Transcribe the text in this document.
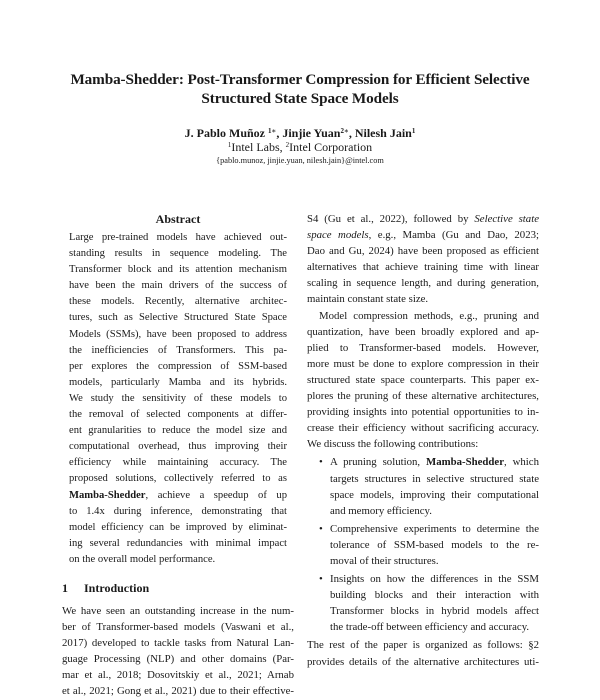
Mamba-Shedder: Post-Transformer Compression for Efficient Selective
Structured State Space Models
J. Pablo Muñoz $^{1∗}$, Jinjie Yuan$^{2∗}$, Nilesh Jain$^1$
$^1$Intel Labs, $^2$Intel Corporation
{pablo.munoz, jinjie.yuan, nilesh.jain}@intel.com
Abstract
Large pre-trained models have achieved out-
standing results in sequence modeling. The
Transformer block and its attention mechanism
have been the main drivers of the success of
these models. Recently, alternative architec-
tures, such as Selective Structured State Space
Models (SSMs), have been proposed to address
the inefficiencies of Transformers. This pa-
per explores the compression of SSM-based
models, particularly Mamba and its hybrids.
We study the sensitivity of these models to
the removal of selected components at differ-
ent granularities to reduce the model size and
computational overhead, thus improving their
efficiency while maintaining accuracy. The
proposed solutions, collectively referred to as
Mamba-Shedder, achieve a speedup of up
to 1.4x during inference, demonstrating that
model efficiency can be improved by eliminat-
ing several redundancies with minimal impact
on the overall model performance.
1 Introduction
We have seen an outstanding increase in the num-
ber of Transformer-based models (Vaswani et al.,
2017) developed to tackle tasks from Natural Lan-
guage Processing (NLP) and other domains (Par-
mar et al., 2018; Dosovitskiy et al., 2021; Arnab
et al., 2021; Gong et al., 2021) due to their effective-
S4 (Gu et al., 2022), followed by Selective state
space models, e.g., Mamba (Gu and Dao, 2023;
Dao and Gu, 2024) have been proposed as efficient
alternatives that achieve training time with linear
scaling in sequence length, and during generation,
maintain constant state size.
Model compression methods, e.g., pruning and
quantization, have been broadly explored and ap-
plied to Transformer-based models. However,
more must be done to explore compression in their
structured state space counterparts. This paper ex-
plores the pruning of these alternative architectures,
providing insights into potential opportunities to in-
crease their efficiency without sacrificing accuracy.
We discuss the following contributions:
• A pruning solution, Mamba-Shedder, which
targets structures in selective structured state
space models, improving their computational
and memory efficiency.
• Comprehensive experiments to determine the
tolerance of SSM-based models to the re-
moval of their structures.
• Insights on how the differences in the SSM
building blocks and their interaction with
Transformer blocks in hybrid models affect
the trade-off between efficiency and accuracy.
The rest of the paper is organized as follows: §2
provides details of the alternative architectures uti-
